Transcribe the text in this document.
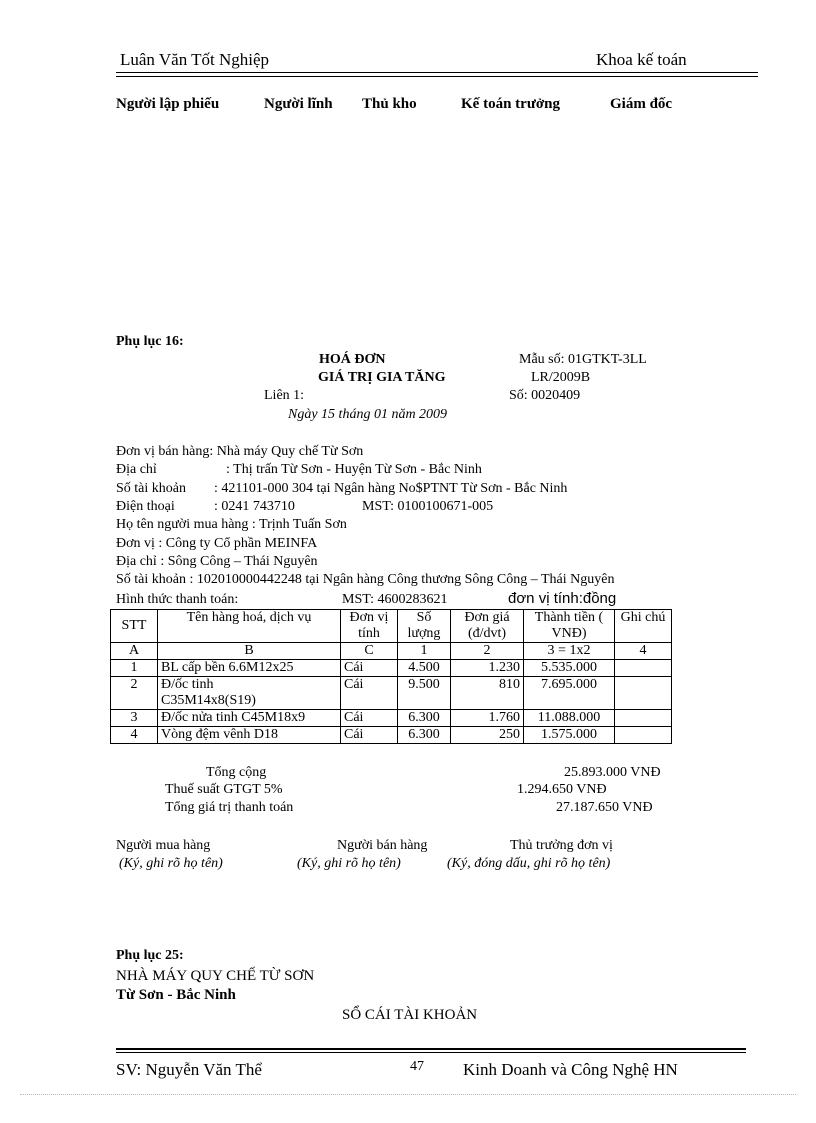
Luân Văn Tốt Nghiệp	Khoa kế toán
Người lập phiếu	Người lĩnh Thủ kho	Kế toán trưởng	Giám đốc
Phụ lục 16:
HOÁ ĐƠN
GIÁ TRỊ GIA TĂNG
Mẫu số: 01GTKT-3LL
LR/2009B
Liên 1:	Số: 0020409
Ngày 15 tháng 01 năm 2009
Đơn vị bán hàng: Nhà máy Quy chế Từ Sơn
Địa chỉ	: Thị trấn Từ Sơn - Huyện Từ Sơn - Bắc Ninh
Số tài khoản : 421101-000 304 tại Ngân hàng No$PTNT Từ Sơn - Bắc Ninh
Điện thoại	: 0241 743710	MST: 0100100671-005
Họ tên người mua hàng : Trịnh Tuấn Sơn
Đơn vị : Công ty Cổ phần MEINFA
Địa chỉ : Sông Công – Thái Nguyên
Số tài khoản : 102010000442248 tại Ngân hàng Công thương Sông Công – Thái Nguyên
Hình thức thanh toán:	MST: 4600283621	đơn vị tính:đồng
STT	Tên hàng hoá, dịch vụ	Đơn vị tính	Số lượng	Đơn giá (đ/dvt)	Thành tiền ( VNĐ)	Ghi chú
A	B	C	1	2	3 = 1x2	4
1	BL cấp bền 6.6M12x25	Cái	4.500	1.230	5.535.000	
2	Đ/ốc tinh C35M14x8(S19)	Cái	9.500	810	7.695.000	
3	Đ/ốc nửa tinh C45M18x9	Cái	6.300	1.760	11.088.000	
4	Vòng đệm vênh D18	Cái	6.300	250	1.575.000	
Tổng cộng	25.893.000 VNĐ
Thuế suất GTGT 5%	1.294.650 VNĐ
Tổng giá trị thanh toán	27.187.650 VNĐ
Người mua hàng	Người bán hàng	Thủ trưởng đơn vị
(Ký, ghi rõ họ tên)	(Ký, ghi rõ họ tên)	(Ký, đóng dấu, ghi rõ họ tên)
Phụ lục 25:
NHÀ MÁY QUY CHẾ TỪ SƠN
Từ Sơn - Bắc Ninh
SỔ CÁI TÀI KHOẢN
SV: Nguyễn Văn Thể	47 Kinh Doanh và Công Nghệ HN
